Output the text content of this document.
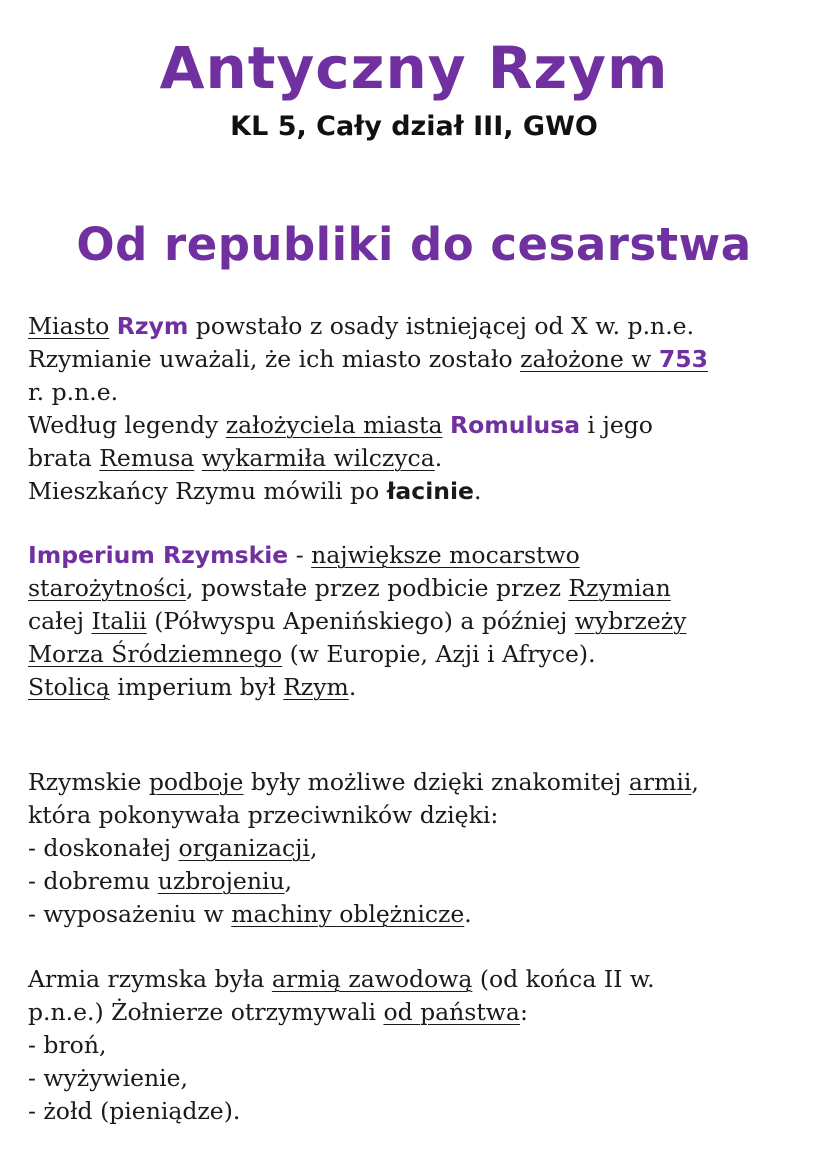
Antyczny Rzym
KL 5, Cały dział III, GWO
Od republiki do cesarstwa
Miasto Rzym powstało z osady istniejącej od X w. p.n.e.
Rzymianie uważali, że ich miasto zostało założone w 753
r. p.n.e.
Według legendy założyciela miasta Romulusa i jego
brata Remusa wykarmiła wilczyca.
Mieszkańcy Rzymu mówili po łacinie.
Imperium Rzymskie - największe mocarstwo
starożytności, powstałe przez podbicie przez Rzymian
całej Italii (Półwyspu Apenińskiego) a później wybrzeży
Morza Śródziemnego (w Europie, Azji i Afryce).
Stolicą imperium był Rzym.
Rzymskie podboje były możliwe dzięki znakomitej armii,
która pokonywała przeciwników dzięki:
- doskonałej organizacji,
- dobremu uzbrojeniu,
- wyposażeniu w machiny oblężnicze.
Armia rzymska była armią zawodową (od końca II w.
p.n.e.) Żołnierze otrzymywali od państwa:
- broń,
- wyżywienie,
- żołd (pieniądze).
